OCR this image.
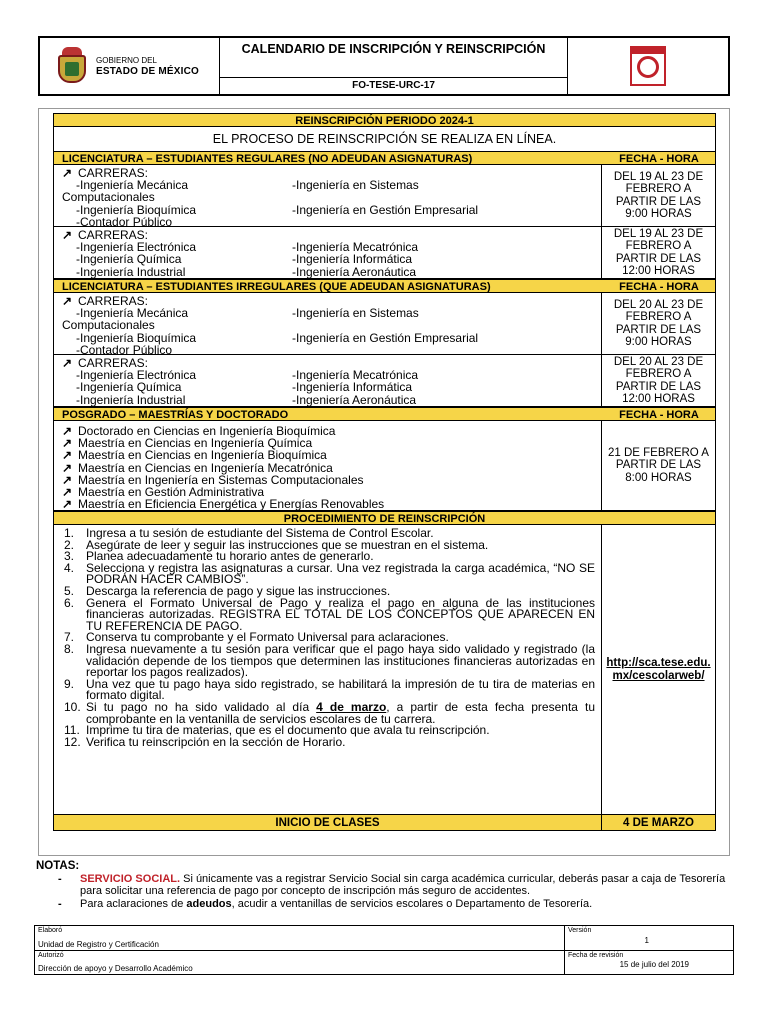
GOBIERNO DEL
ESTADO DE MÉXICO
CALENDARIO DE INSCRIPCIÓN Y REINSCRIPCIÓN
FO-TESE-URC-17
REINSCRIPCIÓN PERIODO 2024-1
EL PROCESO DE REINSCRIPCIÓN SE REALIZA EN LÍNEA.
LICENCIATURA – ESTUDIANTES REGULARES (NO ADEUDAN ASIGNATURAS)	FECHA - HORA
↗ CARRERAS:
-Ingeniería Mecánica	-Ingeniería en Sistemas
Computacionales
-Ingeniería Bioquímica	-Ingeniería en Gestión Empresarial
-Contador Público
DEL 19 AL 23 DE FEBRERO A PARTIR DE LAS 9:00 HORAS
↗ CARRERAS:
-Ingeniería Electrónica	-Ingeniería Mecatrónica
-Ingeniería Química	-Ingeniería Informática
-Ingeniería Industrial	-Ingeniería Aeronáutica
DEL 19 AL 23 DE FEBRERO A PARTIR DE LAS 12:00 HORAS
LICENCIATURA – ESTUDIANTES IRREGULARES (QUE ADEUDAN ASIGNATURAS)	FECHA - HORA
↗ CARRERAS:
-Ingeniería Mecánica	-Ingeniería en Sistemas
Computacionales
-Ingeniería Bioquímica	-Ingeniería en Gestión Empresarial
-Contador Público
DEL 20 AL 23 DE FEBRERO A PARTIR DE LAS 9:00 HORAS
↗ CARRERAS:
-Ingeniería Electrónica	-Ingeniería Mecatrónica
-Ingeniería Química	-Ingeniería Informática
-Ingeniería Industrial	-Ingeniería Aeronáutica
DEL 20 AL 23 DE FEBRERO A PARTIR DE LAS 12:00 HORAS
POSGRADO – MAESTRÍAS Y DOCTORADO	FECHA - HORA
↗ Doctorado en Ciencias en Ingeniería Bioquímica
↗ Maestría en Ciencias en Ingeniería Química
↗ Maestría en Ciencias en Ingeniería Bioquímica
↗ Maestría en Ciencias en Ingeniería Mecatrónica
↗ Maestría en Ingeniería en Sistemas Computacionales
↗ Maestría en Gestión Administrativa
↗ Maestría en Eficiencia Energética y Energías Renovables
21 DE FEBRERO A PARTIR DE LAS 8:00 HORAS
PROCEDIMIENTO DE REINSCRIPCIÓN
1. Ingresa a tu sesión de estudiante del Sistema de Control Escolar.
2. Asegúrate de leer y seguir las instrucciones que se muestran en el sistema.
3. Planea adecuadamente tu horario antes de generarlo.
4. Selecciona y registra las asignaturas a cursar. Una vez registrada la carga académica, “NO SE PODRÁN HACER CAMBIOS”.
5. Descarga la referencia de pago y sigue las instrucciones.
6. Genera el Formato Universal de Pago y realiza el pago en alguna de las instituciones financieras autorizadas. REGISTRA EL TOTAL DE LOS CONCEPTOS QUE APARECEN EN TU REFERENCIA DE PAGO.
7. Conserva tu comprobante y el Formato Universal para aclaraciones.
8. Ingresa nuevamente a tu sesión para verificar que el pago haya sido validado y registrado (la validación depende de los tiempos que determinen las instituciones financieras autorizadas en reportar los pagos realizados).
9. Una vez que tu pago haya sido registrado, se habilitará la impresión de tu tira de materias en formato digital.
10. Si tu pago no ha sido validado al día 4 de marzo, a partir de esta fecha presenta tu comprobante en la ventanilla de servicios escolares de tu carrera.
11. Imprime tu tira de materias, que es el documento que avala tu reinscripción.
12. Verifica tu reinscripción en la sección de Horario.
http://sca.tese.edu.mx/cescolarweb/
INICIO DE CLASES	4 DE MARZO
NOTAS:
-	SERVICIO SOCIAL. Si únicamente vas a registrar Servicio Social sin carga académica curricular, deberás pasar a caja de Tesorería para solicitar una referencia de pago por concepto de inscripción más seguro de accidentes.
-	Para aclaraciones de adeudos, acudir a ventanillas de servicios escolares o Departamento de Tesorería.
Elaboró
Unidad de Registro y Certificación
Versión
1
Autorizó
Dirección de apoyo y Desarrollo Académico
Fecha de revisión
15 de julio del 2019
